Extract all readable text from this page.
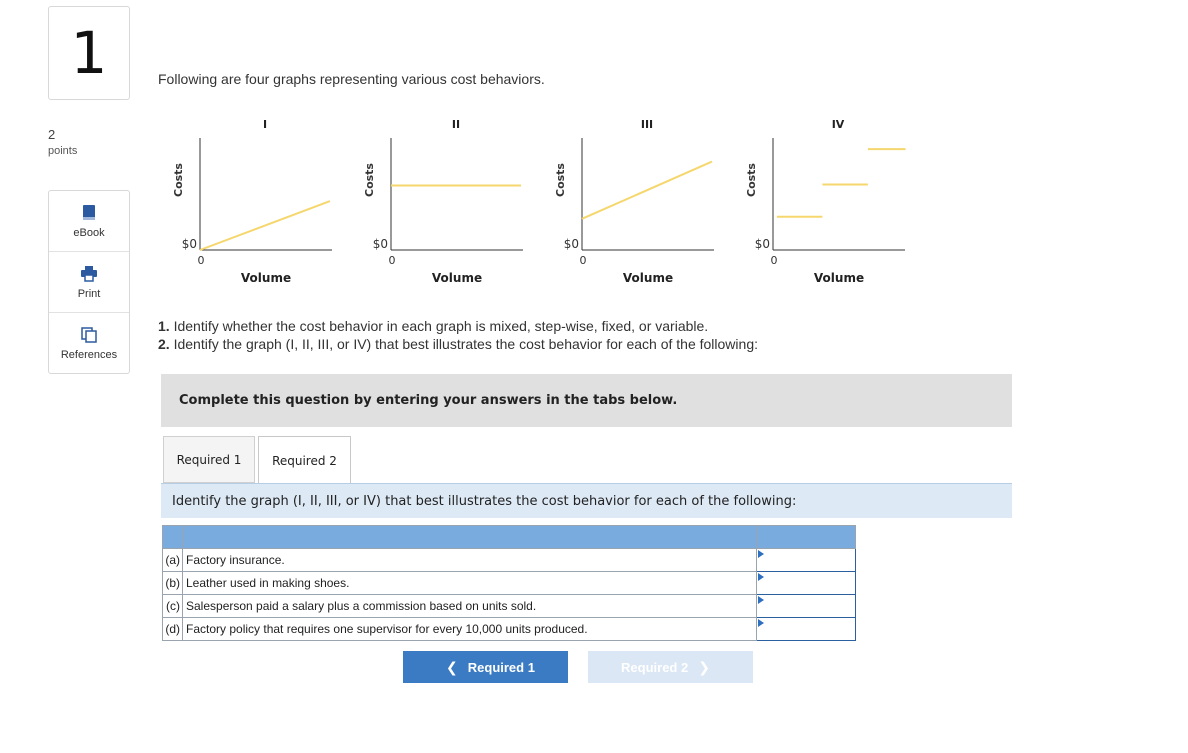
1
2
points
eBook
Print
References
Following are four graphs representing various cost behaviors.
Costs
I
$0
0
Volume
Costs
II
$0
0
Volume
Costs
III
$0
0
Volume
Costs
IV
$0
0
Volume
1. Identify whether the cost behavior in each graph is mixed, step-wise, fixed, or variable.
2. Identify the graph (I, II, III, or IV) that best illustrates the cost behavior for each of the following:
Complete this question by entering your answers in the tabs below.
Required 1	Required 2
Identify the graph (I, II, III, or IV) that best illustrates the cost behavior for each of the following:

(a)	Factory insurance.	

(b)	Leather used in making shoes.	

(c)	Salesperson paid a salary plus a commission based on units sold.	

(d)	Factory policy that requires one supervisor for every 10,000 units produced.	
❮ Required 1	Required 2 ❯
